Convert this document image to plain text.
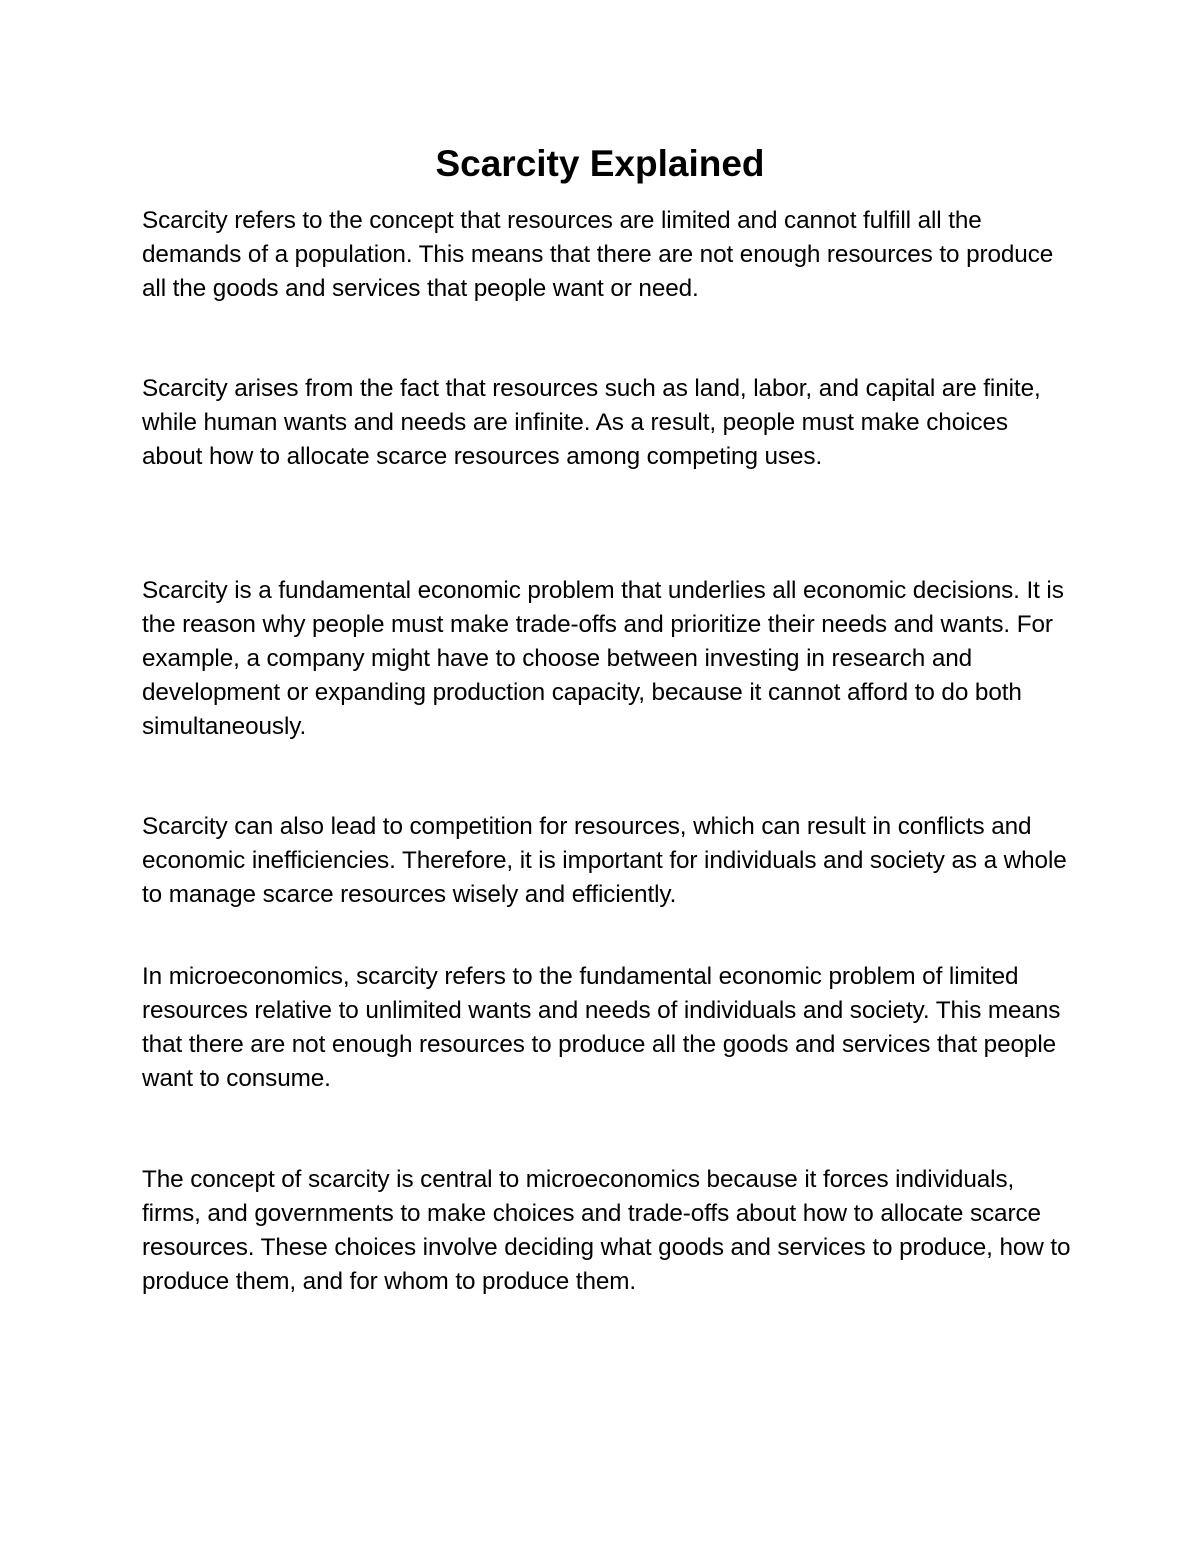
Scarcity Explained

Scarcity refers to the concept that resources are limited and cannot fulfill all the demands of a population. This means that there are not enough resources to produce all the goods and services that people want or need.

Scarcity arises from the fact that resources such as land, labor, and capital are finite, while human wants and needs are infinite. As a result, people must make choices about how to allocate scarce resources among competing uses.

Scarcity is a fundamental economic problem that underlies all economic decisions. It is the reason why people must make trade-offs and prioritize their needs and wants. For example, a company might have to choose between investing in research and development or expanding production capacity, because it cannot afford to do both simultaneously.

Scarcity can also lead to competition for resources, which can result in conflicts and economic inefficiencies. Therefore, it is important for individuals and society as a whole to manage scarce resources wisely and efficiently.

In microeconomics, scarcity refers to the fundamental economic problem of limited resources relative to unlimited wants and needs of individuals and society. This means that there are not enough resources to produce all the goods and services that people want to consume.

The concept of scarcity is central to microeconomics because it forces individuals, firms, and governments to make choices and trade-offs about how to allocate scarce resources. These choices involve deciding what goods and services to produce, how to produce them, and for whom to produce them.
